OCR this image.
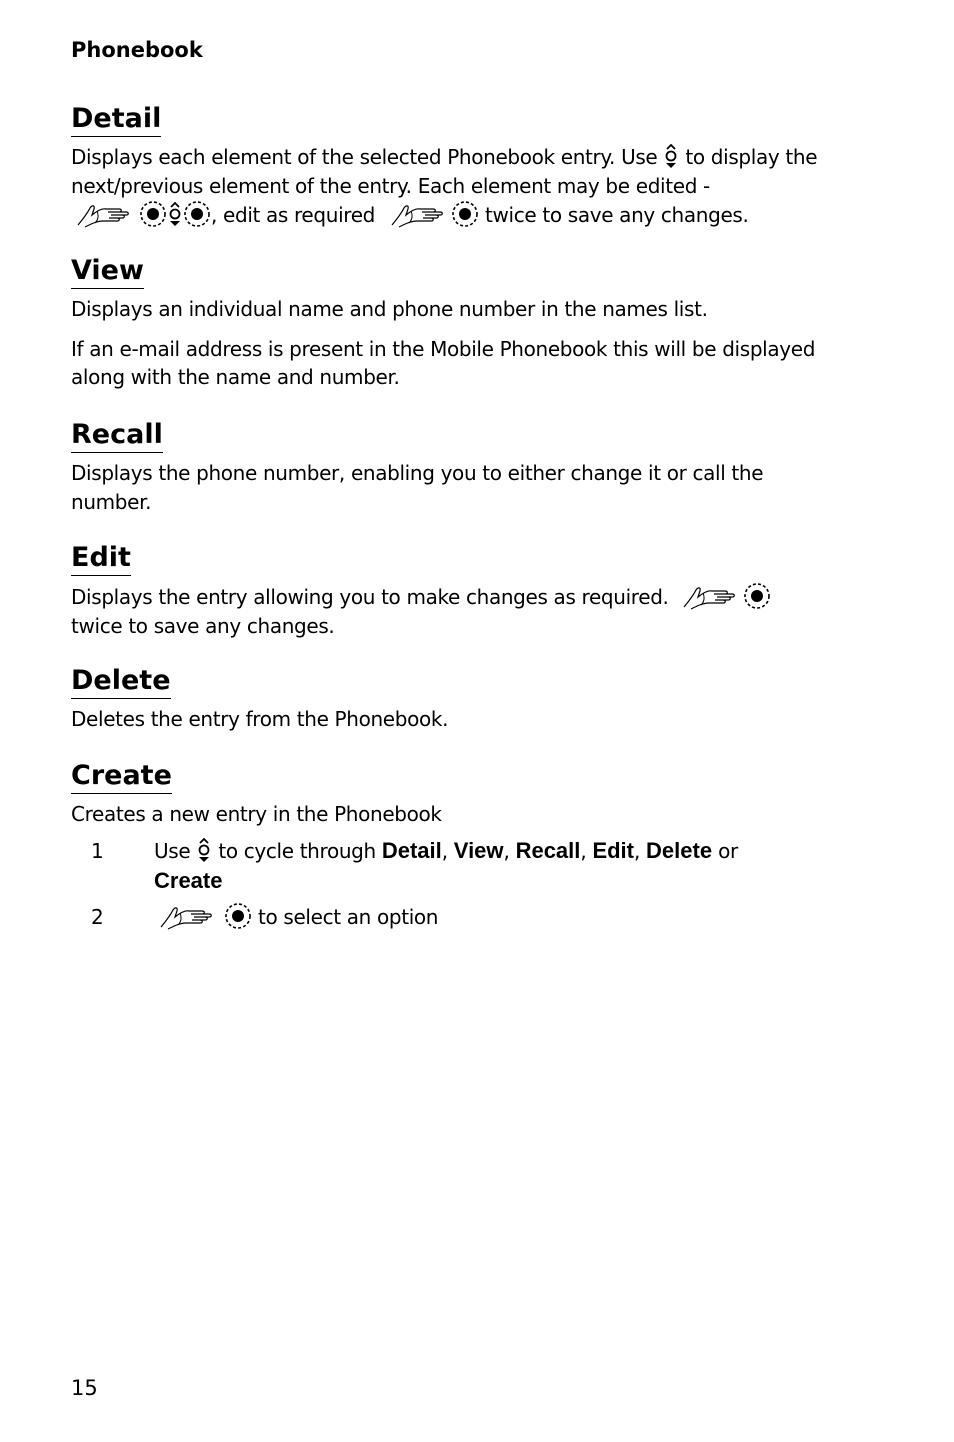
Phonebook
Detail

Displays each element of the selected Phonebook entry. Use to display the next/previous element of the entry. Each element may be edited -
, edit as required	twice to save any changes.

View

Displays an individual name and phone number in the names list.

If an e-mail address is present in the Mobile Phonebook this will be displayed along with the name and number.

Recall

Displays the phone number, enabling you to either change it or call the number.

Edit

Displays the entry allowing you to make changes as required.
twice to save any changes.

Delete

Deletes the entry from the Phonebook.

Create

Creates a new entry in the Phonebook

1	Use to cycle through Detail, View, Recall, Edit, Delete or
Create
2	to select an option
15
